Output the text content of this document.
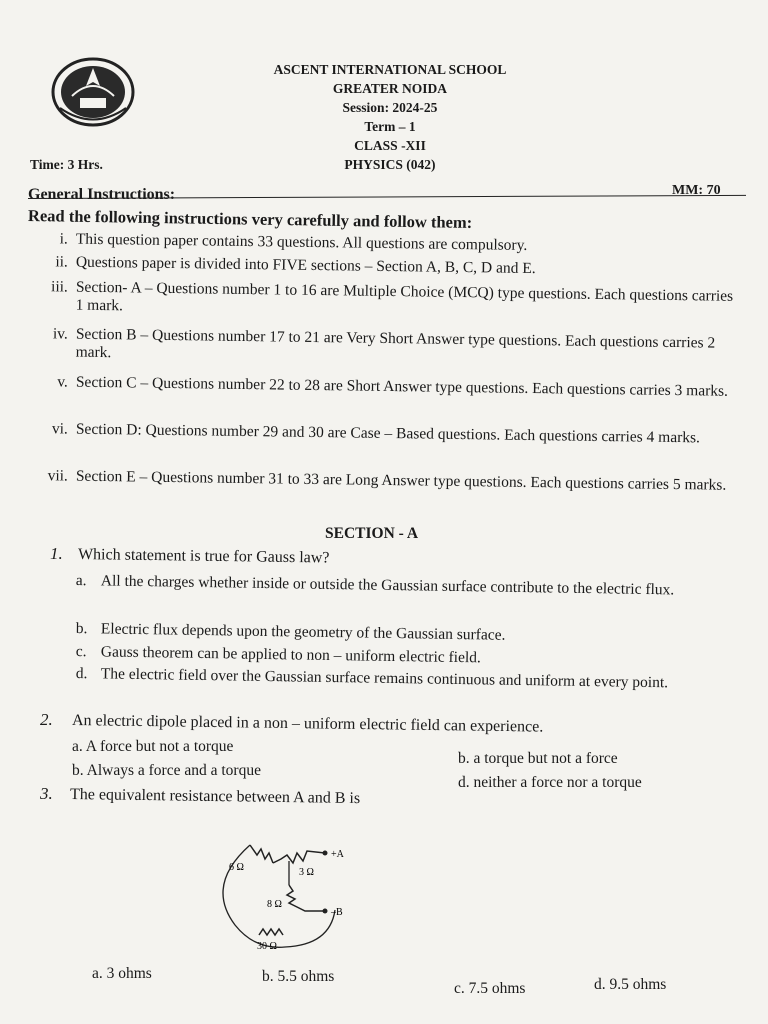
ASCENT INTERNATIONAL SCHOOL
GREATER NOIDA
Session: 2024-25
Term – 1
CLASS -XII
PHYSICS (042)
Time: 3 Hrs.
General Instructions:	MM: 70
Read the following instructions very carefully and follow them:
i. This question paper contains 33 questions. All questions are compulsory.
ii. Questions paper is divided into FIVE sections – Section A, B, C, D and E.
iii. Section- A – Questions number 1 to 16 are Multiple Choice (MCQ) type questions. Each questions carries 1 mark.
iv. Section B – Questions number 17 to 21 are Very Short Answer type questions. Each questions carries 2 mark.
v. Section C – Questions number 22 to 28 are Short Answer type questions. Each questions carries 3 marks.
vi. Section D: Questions number 29 and 30 are Case – Based questions. Each questions carries 4 marks.
vii. Section E – Questions number 31 to 33 are Long Answer type questions. Each questions carries 5 marks.
SECTION - A
1. Which statement is true for Gauss law?
a. All the charges whether inside or outside the Gaussian surface contribute to the electric flux.
b. Electric flux depends upon the geometry of the Gaussian surface.
c. Gauss theorem can be applied to non – uniform electric field.
d. The electric field over the Gaussian surface remains continuous and uniform at every point.
2. An electric dipole placed in a non – uniform electric field can experience.
a. A force but not a torque
b. a torque but not a force
b. Always a force and a torque
d. neither a force nor a torque
3. The equivalent resistance between A and B is
6 Ω	3 Ω
8 Ω
30 Ω
+A
–B
a. 3 ohms	b. 5.5 ohms
c. 7.5 ohms	d. 9.5 ohms
